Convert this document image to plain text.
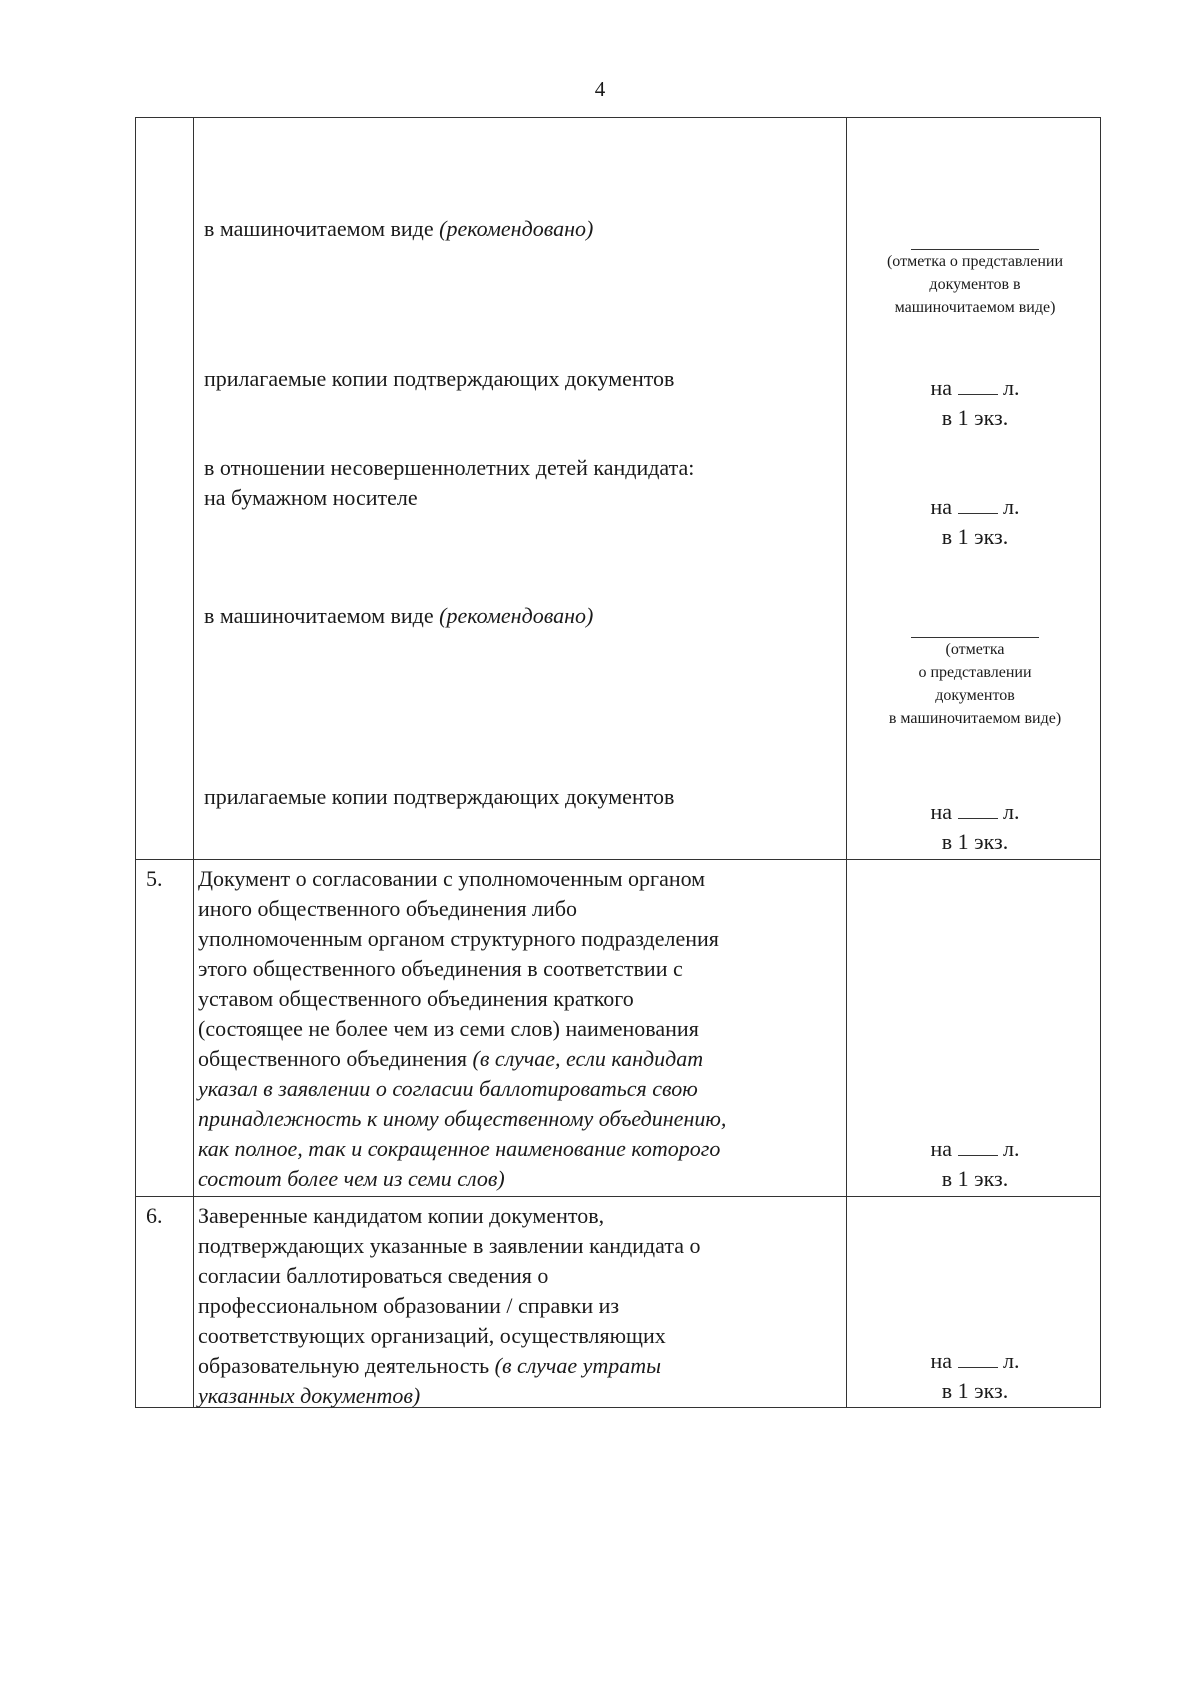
4
в машиночитаемом виде (рекомендовано)
(отметка о представлении
документов в
машиночитаемом виде)
прилагаемые копии подтверждающих документов	на л.
в 1 экз.
в отношении несовершеннолетних детей кандидата:
на бумажном носителе	на л.
в 1 экз.
в машиночитаемом виде (рекомендовано)
(отметка
о представлении
документов
в машиночитаемом виде)
прилагаемые копии подтверждающих документов
на л.
в 1 экз.
5. Документ о согласовании с уполномоченным органом
иного общественного объединения либо
уполномоченным органом структурного подразделения
этого общественного объединения в соответствии с
уставом общественного объединения краткого
(состоящее не более чем из семи слов) наименования
общественного объединения (в случае, если кандидат
указал в заявлении о согласии баллотироваться свою
принадлежность к иному общественному объединению,
как полное, так и сокращенное наименование которого
состоит более чем из семи слов)
на л.
в 1 экз.
6. Заверенные кандидатом копии документов,
подтверждающих указанные в заявлении кандидата о
согласии баллотироваться сведения о
профессиональном образовании / справки из
соответствующих организаций, осуществляющих
образовательную деятельность (в случае утраты
указанных документов)
на л.
в 1 экз.
